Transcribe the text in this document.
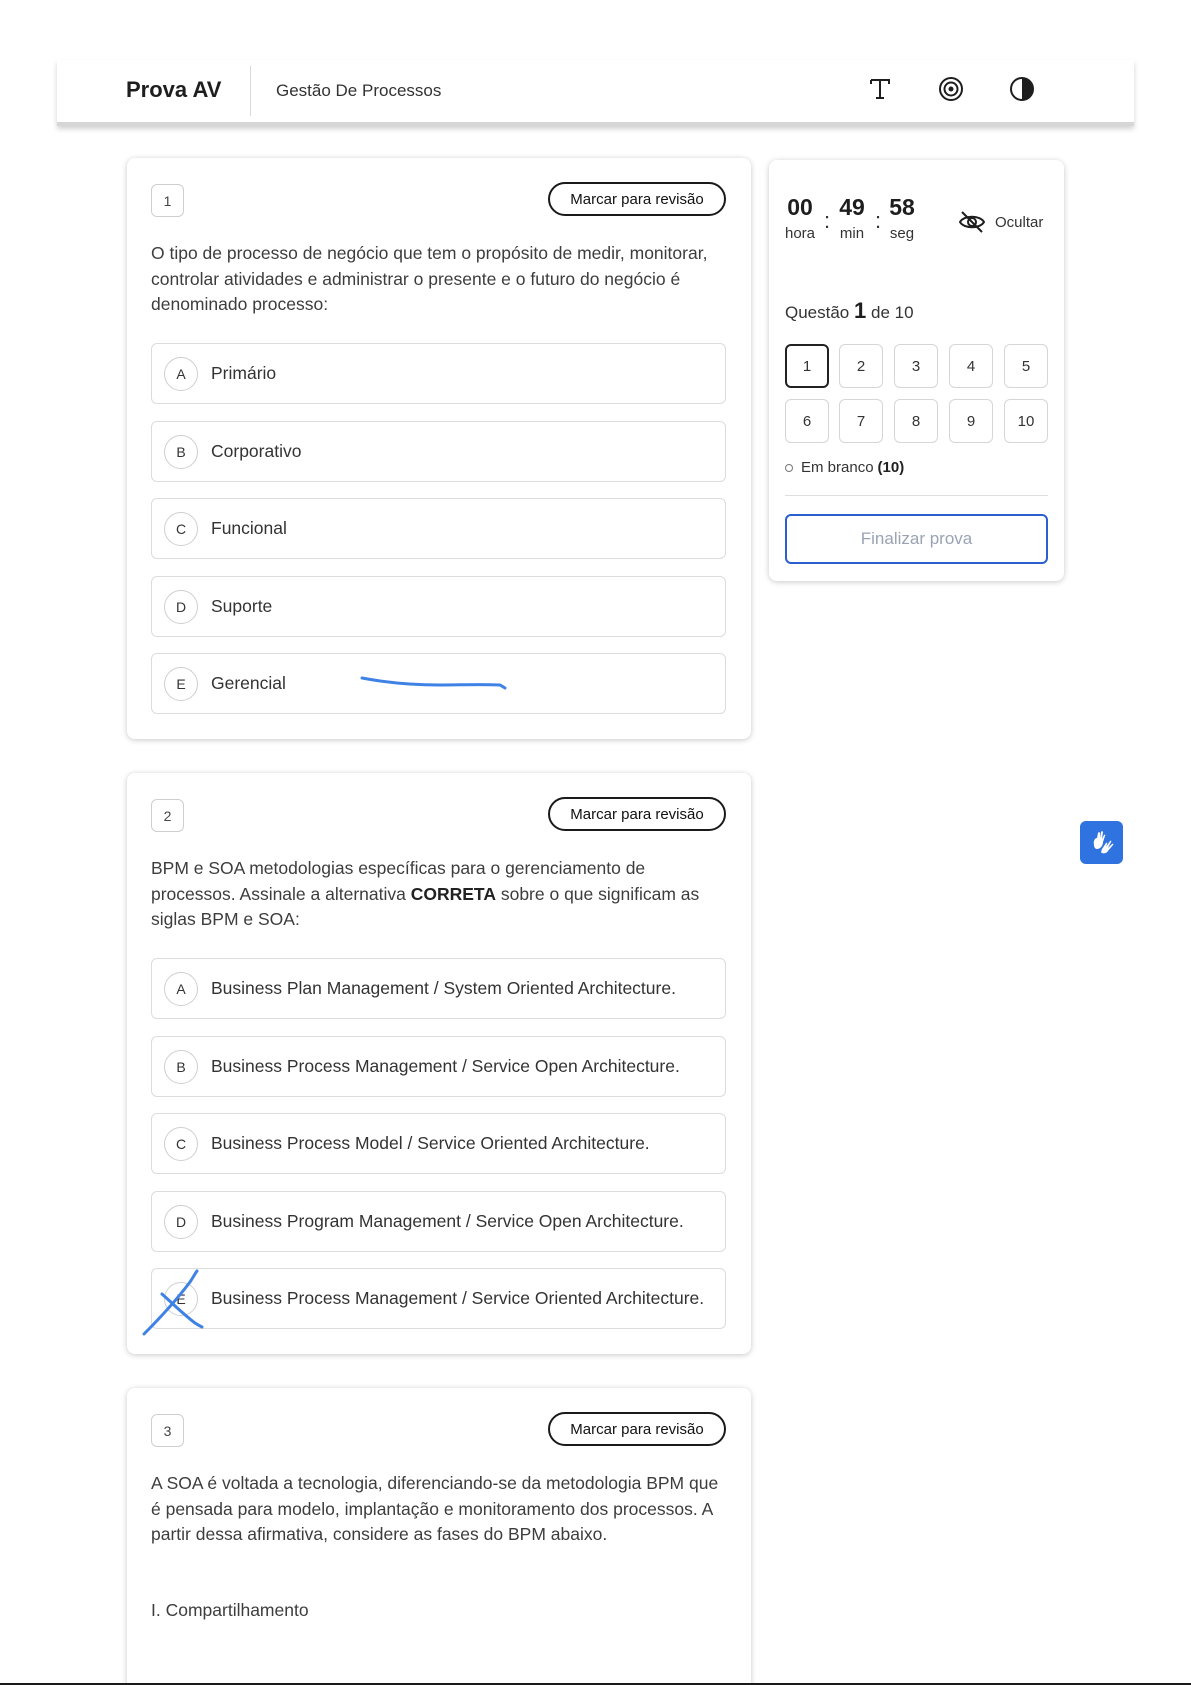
Prova AV	Gestão De Processos
1	Marcar para revisão
O tipo de processo de negócio que tem o propósito de medir, monitorar, controlar atividades e administrar o presente e o futuro do negócio é denominado processo:
A	Primário
B	Corporativo
C	Funcional
D	Suporte
E	Gerencial
2	Marcar para revisão
BPM e SOA metodologias específicas para o gerenciamento de processos. Assinale a alternativa CORRETA sobre o que significam as siglas BPM e SOA:
A	Business Plan Management / System Oriented Architecture.
B	Business Process Management / Service Open Architecture.
C	Business Process Model / Service Oriented Architecture.
D	Business Program Management / Service Open Architecture.
E	Business Process Management / Service Oriented Architecture.
3	Marcar para revisão
A SOA é voltada a tecnologia, diferenciando-se da metodologia BPM que é pensada para modelo, implantação e monitoramento dos processos. A partir dessa afirmativa, considere as fases do BPM abaixo.
I. Compartilhamento
00
hora
:
49
min
:
58
seg
Ocultar
Questão 1 de 10
1	2	3	4	5
6	7	8	9	10
Em branco (10)
Finalizar prova
